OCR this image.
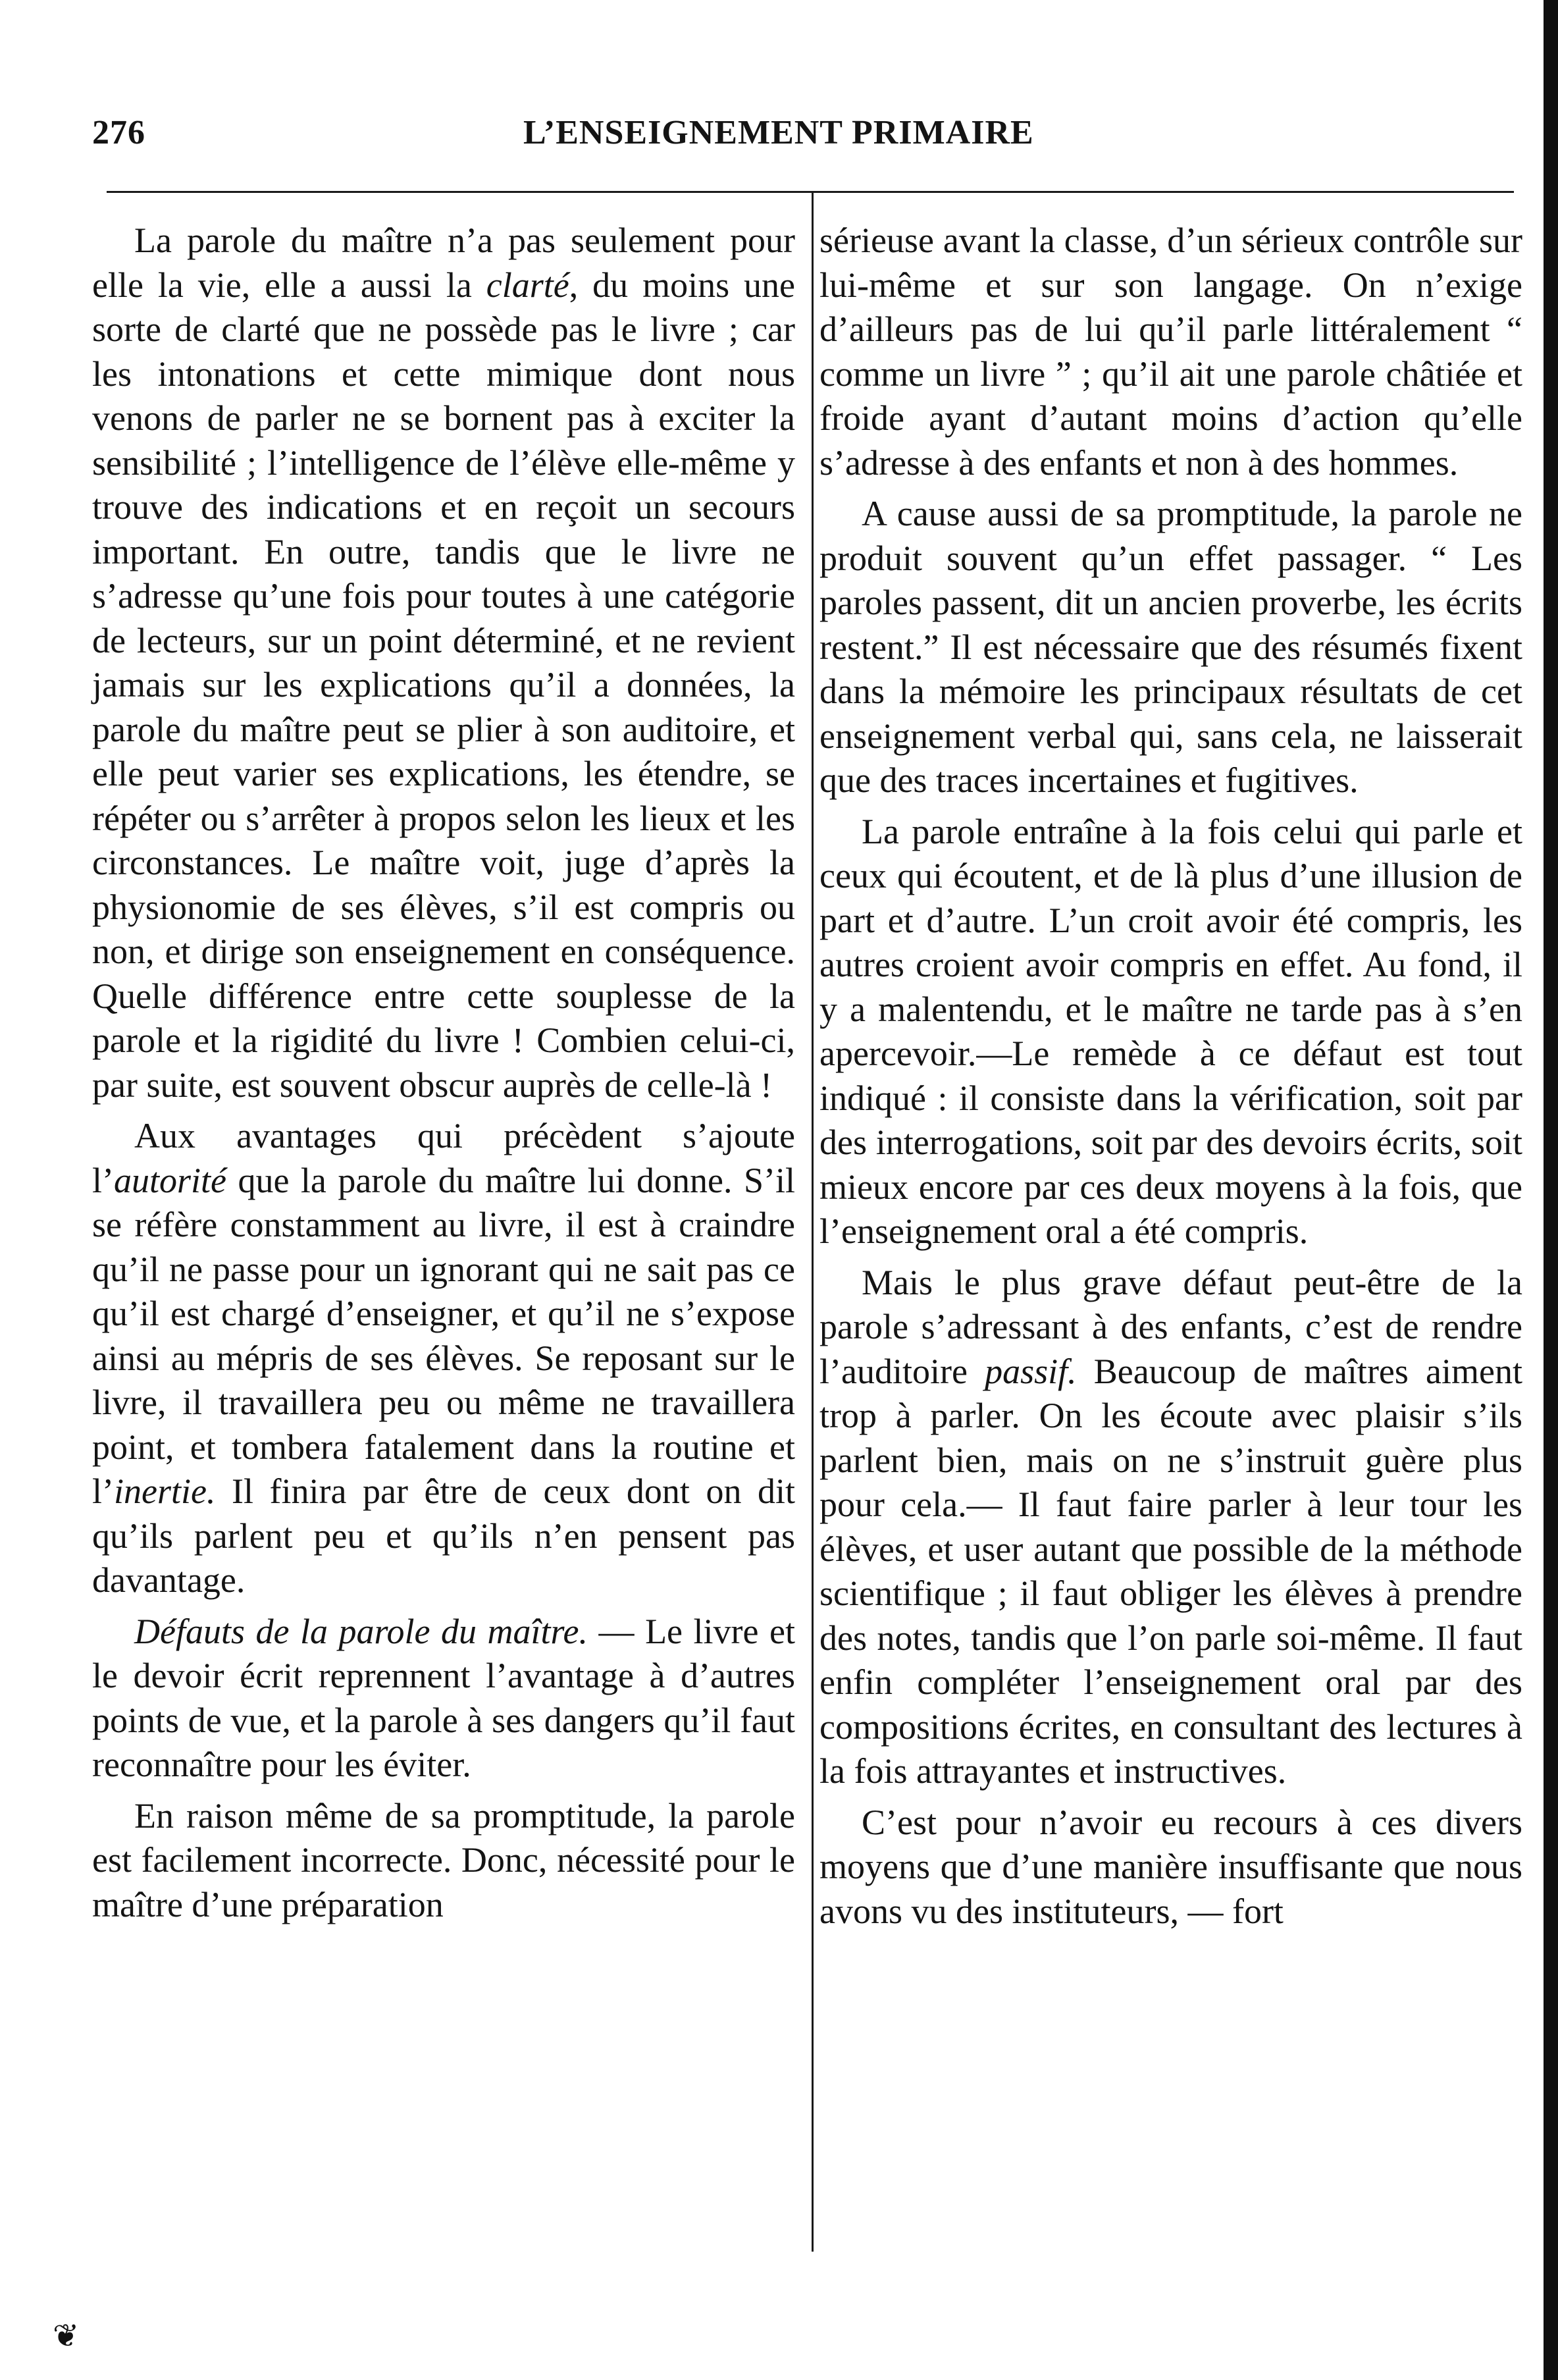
276	L’ENSEIGNEMENT PRIMAIRE

La parole du maître n’a pas seulement pour elle la vie, elle a aussi la clarté, du moins une sorte de clarté que ne possède pas le livre ; car les intonations et cette mimique dont nous venons de parler ne se bornent pas à exciter la sensibilité ; l’intelligence de l’élève elle-même y trouve des indications et en reçoit un secours important. En outre, tandis que le livre ne s’adresse qu’une fois pour toutes à une catégorie de lecteurs, sur un point déterminé, et ne revient jamais sur les explications qu’il a données, la parole du maître peut se plier à son auditoire, et elle peut varier ses explications, les étendre, se répéter ou s’arrêter à propos selon les lieux et les circonstances. Le maître voit, juge d’après la physionomie de ses élèves, s’il est compris ou non, et dirige son enseignement en conséquence. Quelle différence entre cette souplesse de la parole et la rigidité du livre ! Combien celui-ci, par suite, est souvent obscur auprès de celle-là !

Aux avantages qui précèdent s’ajoute l’autorité que la parole du maître lui donne. S’il se réfère constamment au livre, il est à craindre qu’il ne passe pour un ignorant qui ne sait pas ce qu’il est chargé d’enseigner, et qu’il ne s’expose ainsi au mépris de ses élèves. Se reposant sur le livre, il travaillera peu ou même ne travaillera point, et tombera fatalement dans la routine et l’inertie. Il finira par être de ceux dont on dit qu’ils parlent peu et qu’ils n’en pensent pas davantage.

Défauts de la parole du maître. — Le livre et le devoir écrit reprennent l’avantage à d’autres points de vue, et la parole à ses dangers qu’il faut reconnaître pour les éviter.

En raison même de sa promptitude, la parole est facilement incorrecte. Donc, nécessité pour le maître d’une préparation

sérieuse avant la classe, d’un sérieux contrôle sur lui-même et sur son langage. On n’exige d’ailleurs pas de lui qu’il parle littéralement “ comme un livre ” ; qu’il ait une parole châtiée et froide ayant d’autant moins d’action qu’elle s’adresse à des enfants et non à des hommes.

A cause aussi de sa promptitude, la parole ne produit souvent qu’un effet passager. “ Les paroles passent, dit un ancien proverbe, les écrits restent.” Il est nécessaire que des résumés fixent dans la mémoire les principaux résultats de cet enseignement verbal qui, sans cela, ne laisserait que des traces incertaines et fugitives.

La parole entraîne à la fois celui qui parle et ceux qui écoutent, et de là plus d’une illusion de part et d’autre. L’un croit avoir été compris, les autres croient avoir compris en effet. Au fond, il y a malentendu, et le maître ne tarde pas à s’en apercevoir.—Le remède à ce défaut est tout indiqué : il consiste dans la vérification, soit par des interrogations, soit par des devoirs écrits, soit mieux encore par ces deux moyens à la fois, que l’enseignement oral a été compris.

Mais le plus grave défaut peut-être de la parole s’adressant à des enfants, c’est de rendre l’auditoire passif. Beaucoup de maîtres aiment trop à parler. On les écoute avec plaisir s’ils parlent bien, mais on ne s’instruit guère plus pour cela.— Il faut faire parler à leur tour les élèves, et user autant que possible de la méthode scientifique ; il faut obliger les élèves à prendre des notes, tandis que l’on parle soi-même. Il faut enfin compléter l’enseignement oral par des compositions écrites, en consultant des lectures à la fois attrayantes et instructives.

C’est pour n’avoir eu recours à ces divers moyens que d’une manière insuffisante que nous avons vu des instituteurs, — fort

❦
